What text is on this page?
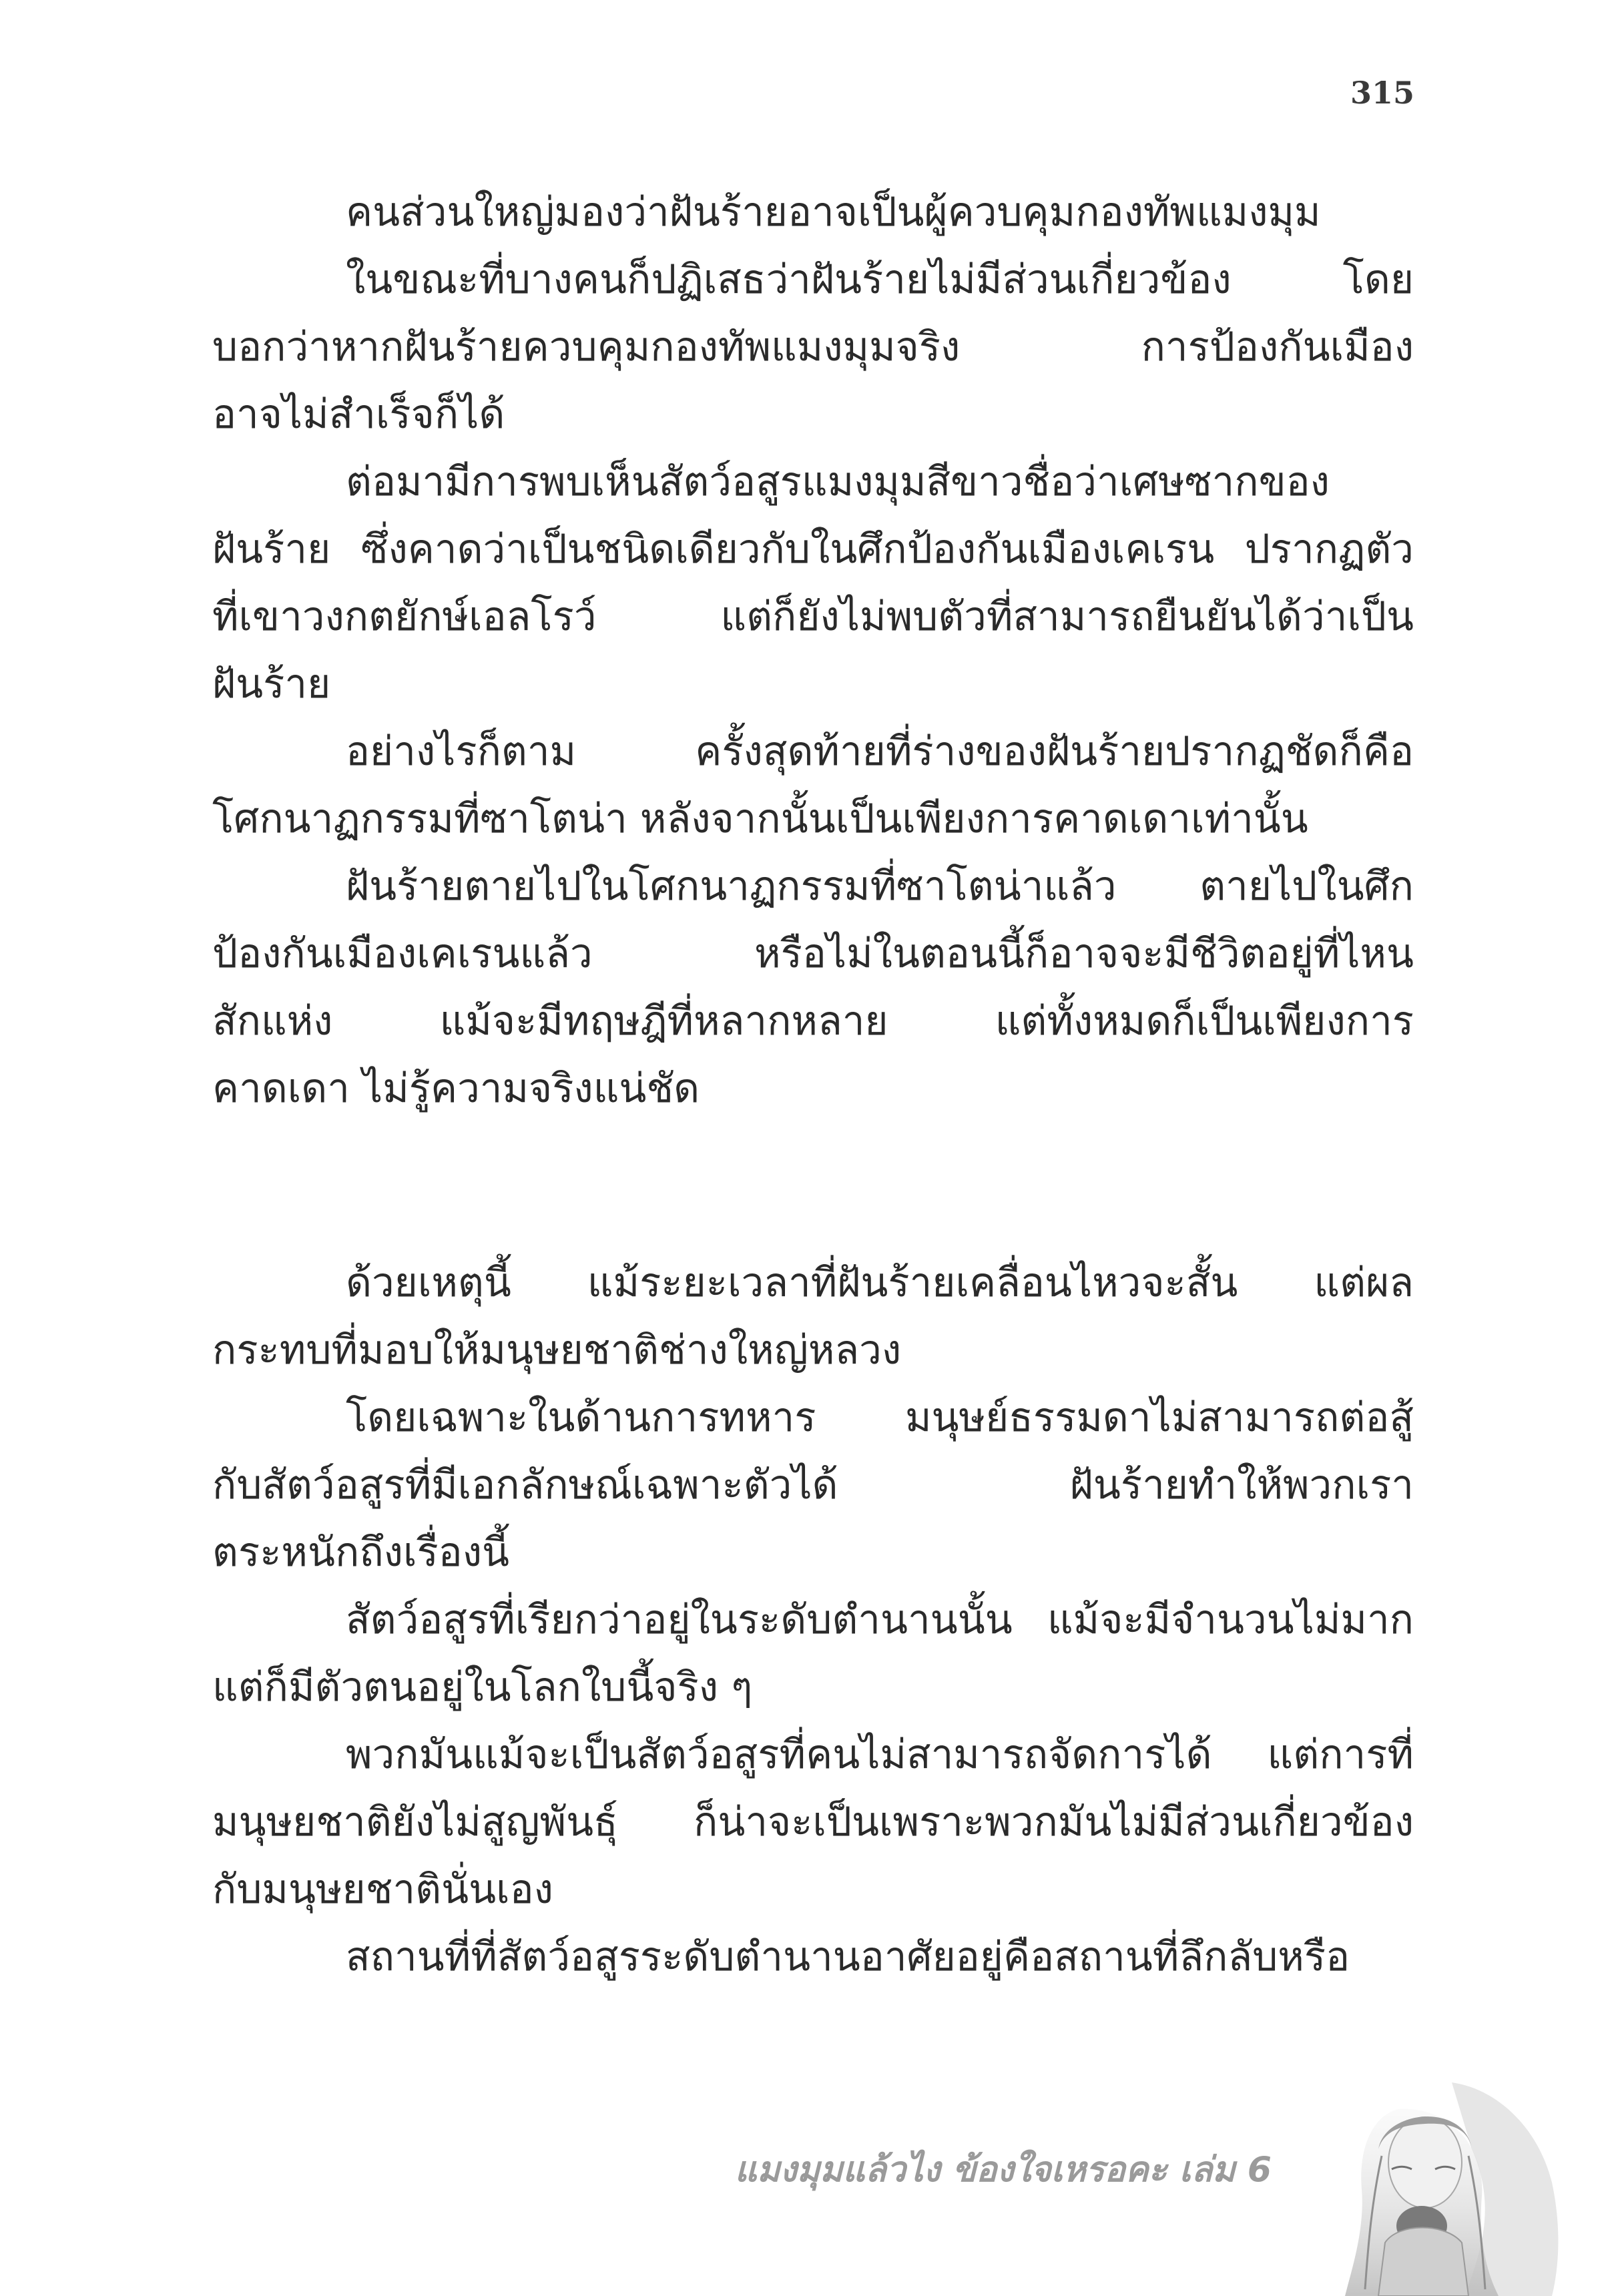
315
คนส่วนใหญ่มองว่าฝันร้ายอาจเป็นผู้ควบคุมกองทัพแมงมุม
ในขณะที่บางคนก็ปฏิเสธว่าฝันร้ายไม่มีส่วนเกี่ยวข้อง โดย
บอกว่าหากฝันร้ายควบคุมกองทัพแมงมุมจริง การป้องกันเมือง
อาจไม่สำเร็จก็ได้
ต่อมามีการพบเห็นสัตว์อสูรแมงมุมสีขาวชื่อว่าเศษซากของ
ฝันร้าย ซึ่งคาดว่าเป็นชนิดเดียวกับในศึกป้องกันเมืองเคเรน ปรากฏตัว
ที่เขาวงกตยักษ์เอลโรว์ แต่ก็ยังไม่พบตัวที่สามารถยืนยันได้ว่าเป็น
ฝันร้าย
อย่างไรก็ตาม ครั้งสุดท้ายที่ร่างของฝันร้ายปรากฏชัดก็คือ
โศกนาฏกรรมที่ซาโตน่า หลังจากนั้นเป็นเพียงการคาดเดาเท่านั้น
ฝันร้ายตายไปในโศกนาฏกรรมที่ซาโตน่าแล้ว ตายไปในศึก
ป้องกันเมืองเคเรนแล้ว หรือไม่ในตอนนี้ก็อาจจะมีชีวิตอยู่ที่ไหน
สักแห่ง แม้จะมีทฤษฎีที่หลากหลาย แต่ทั้งหมดก็เป็นเพียงการ
คาดเดา ไม่รู้ความจริงแน่ชัด
ด้วยเหตุนี้ แม้ระยะเวลาที่ฝันร้ายเคลื่อนไหวจะสั้น แต่ผล
กระทบที่มอบให้มนุษยชาติช่างใหญ่หลวง
โดยเฉพาะในด้านการทหาร มนุษย์ธรรมดาไม่สามารถต่อสู้
กับสัตว์อสูรที่มีเอกลักษณ์เฉพาะตัวได้ ฝันร้ายทำให้พวกเรา
ตระหนักถึงเรื่องนี้
สัตว์อสูรที่เรียกว่าอยู่ในระดับตำนานนั้น แม้จะมีจำนวนไม่มาก
แต่ก็มีตัวตนอยู่ในโลกใบนี้จริง ๆ
พวกมันแม้จะเป็นสัตว์อสูรที่คนไม่สามารถจัดการได้ แต่การที่
มนุษยชาติยังไม่สูญพันธุ์ ก็น่าจะเป็นเพราะพวกมันไม่มีส่วนเกี่ยวข้อง
กับมนุษยชาตินั่นเอง
สถานที่ที่สัตว์อสูรระดับตำนานอาศัยอยู่คือสถานที่ลึกลับหรือ
แมงมุมแล้วไง ข้องใจเหรอคะ เล่ม 6
